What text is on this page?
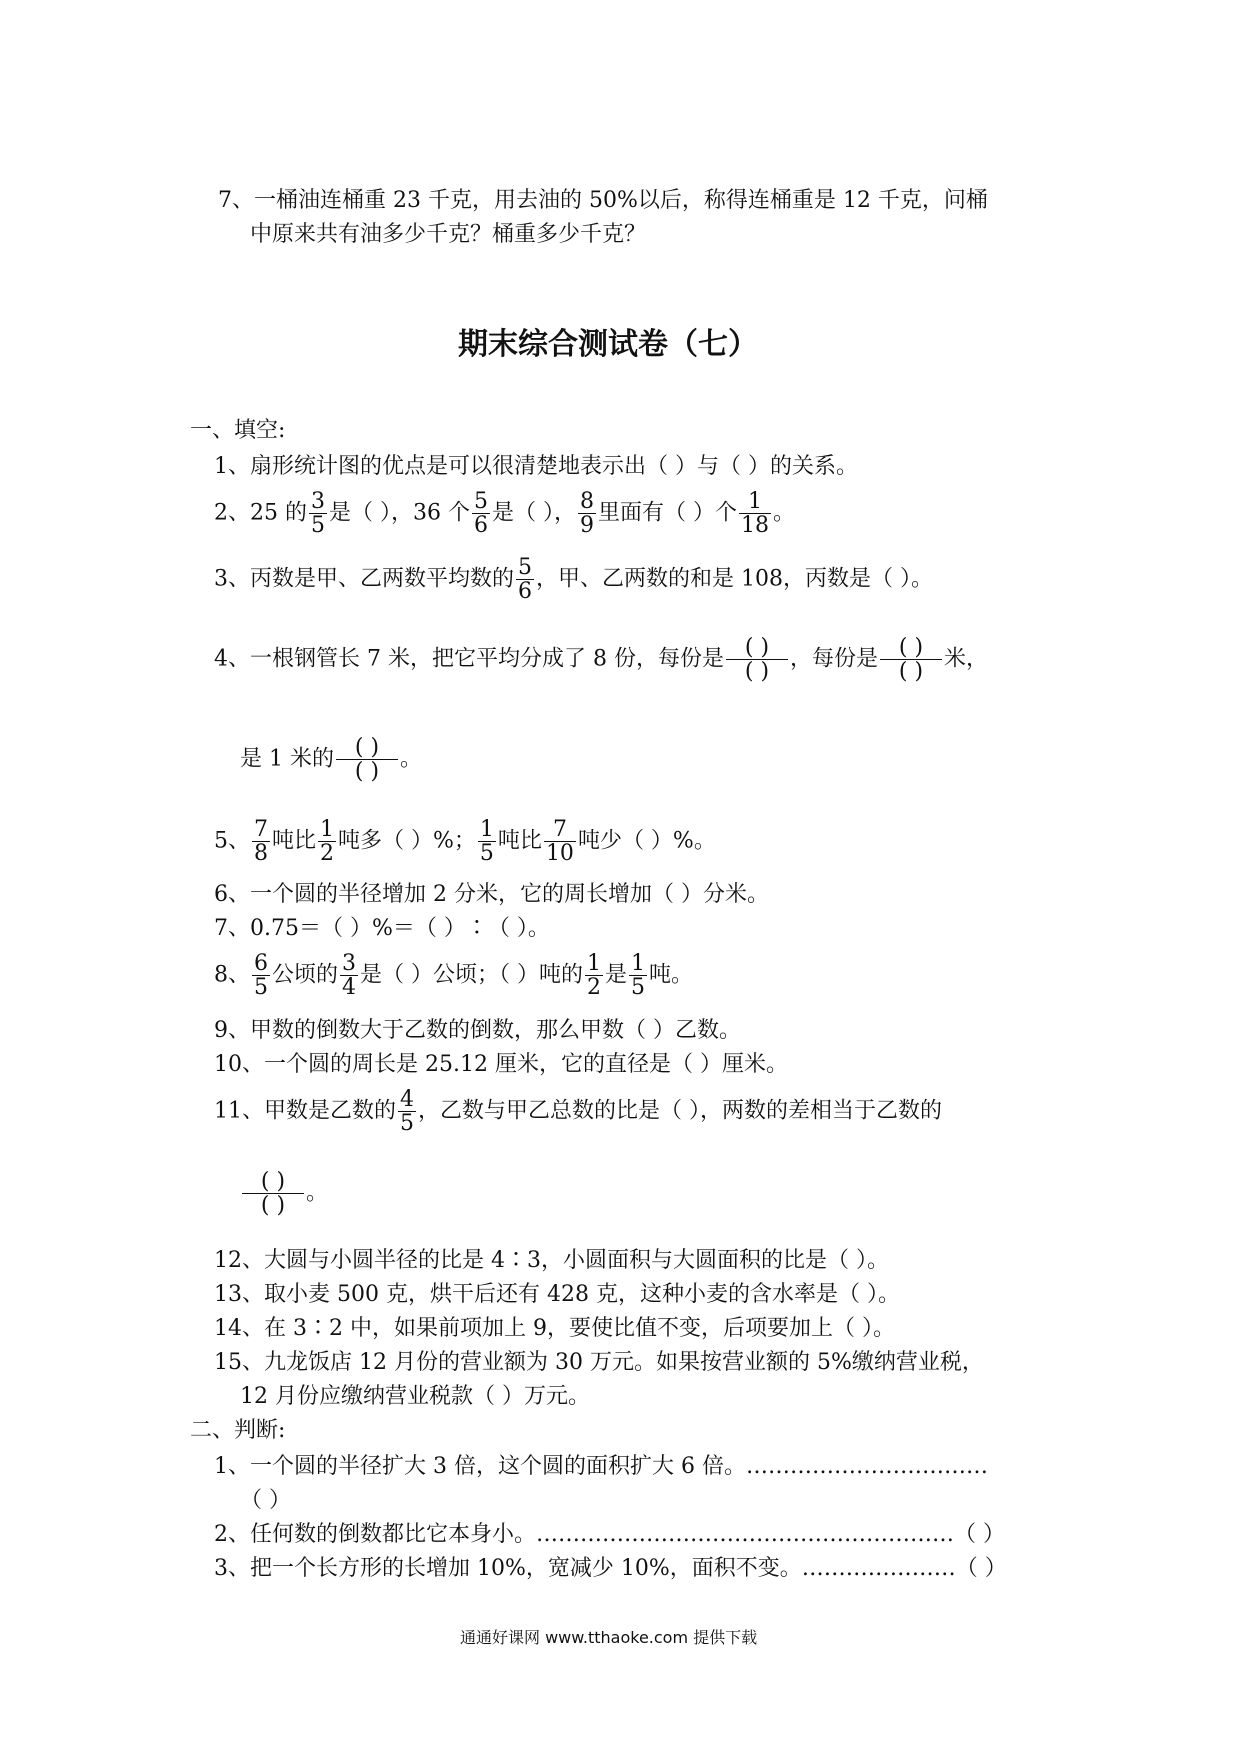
7、一桶油连桶重 23 千克，用去油的 50%以后，称得连桶重是 12 千克，问桶
中原来共有油多少千克？桶重多少千克？
期末综合测试卷（七）
一、填空:
1、扇形统计图的优点是可以很清楚地表示出（ ）与（ ）的关系。
2、25 的 $\frac{3}{5}$ 是（ ），36 个 $\frac{5}{6}$ 是（ ）， $\frac{8}{9}$ 里面有（ ）个 $\frac{1}{18}$ 。
3、丙数是甲、乙两数平均数的 $\frac{5}{6}$ ，甲、乙两数的和是 108，丙数是（ ）。
4、一根钢管长 7 米，把它平均分成了 8 份，每份是 $\frac{( )}{( )}$ ，每份是 $\frac{( )}{( )}$ 米，
是 1 米的 $\frac{( )}{( )}$ 。
5、 $\frac{7}{8}$ 吨比 $\frac{1}{2}$ 吨多（ ）%； $\frac{1}{5}$ 吨比 $\frac{7}{10}$ 吨少（ ）%。
6、一个圆的半径增加 2 分米，它的周长增加（ ）分米。
7、0.75＝（ ）%＝（ ）∶（ ）。
8、 $\frac{6}{5}$ 公顷的 $\frac{3}{4}$ 是（ ）公顷；（ ）吨的 $\frac{1}{2}$ 是 $\frac{1}{5}$ 吨。
9、甲数的倒数大于乙数的倒数，那么甲数（ ）乙数。
10、一个圆的周长是 25.12 厘米，它的直径是（ ）厘米。
11、甲数是乙数的 $\frac{4}{5}$ ，乙数与甲乙总数的比是（ ），两数的差相当于乙数的
$\frac{( )}{( )}$ 。
12、大圆与小圆半径的比是 4∶3，小圆面积与大圆面积的比是（ ）。
13、取小麦 500 克，烘干后还有 428 克，这种小麦的含水率是（ ）。
14、在 3∶2 中，如果前项加上 9，要使比值不变，后项要加上（ ）。
15、九龙饭店 12 月份的营业额为 30 万元。如果按营业额的 5%缴纳营业税，
12 月份应缴纳营业税款（ ）万元。
二、判断:
1、一个圆的半径扩大 3 倍，这个圆的面积扩大 6 倍。……………………………
（ ）
2、任何数的倒数都比它本身小。…………………………………………………（ ）
3、把一个长方形的长增加 10%，宽减少 10%，面积不变。…………………（ ）
通通好课网 www.tthaoke.com 提供下载
